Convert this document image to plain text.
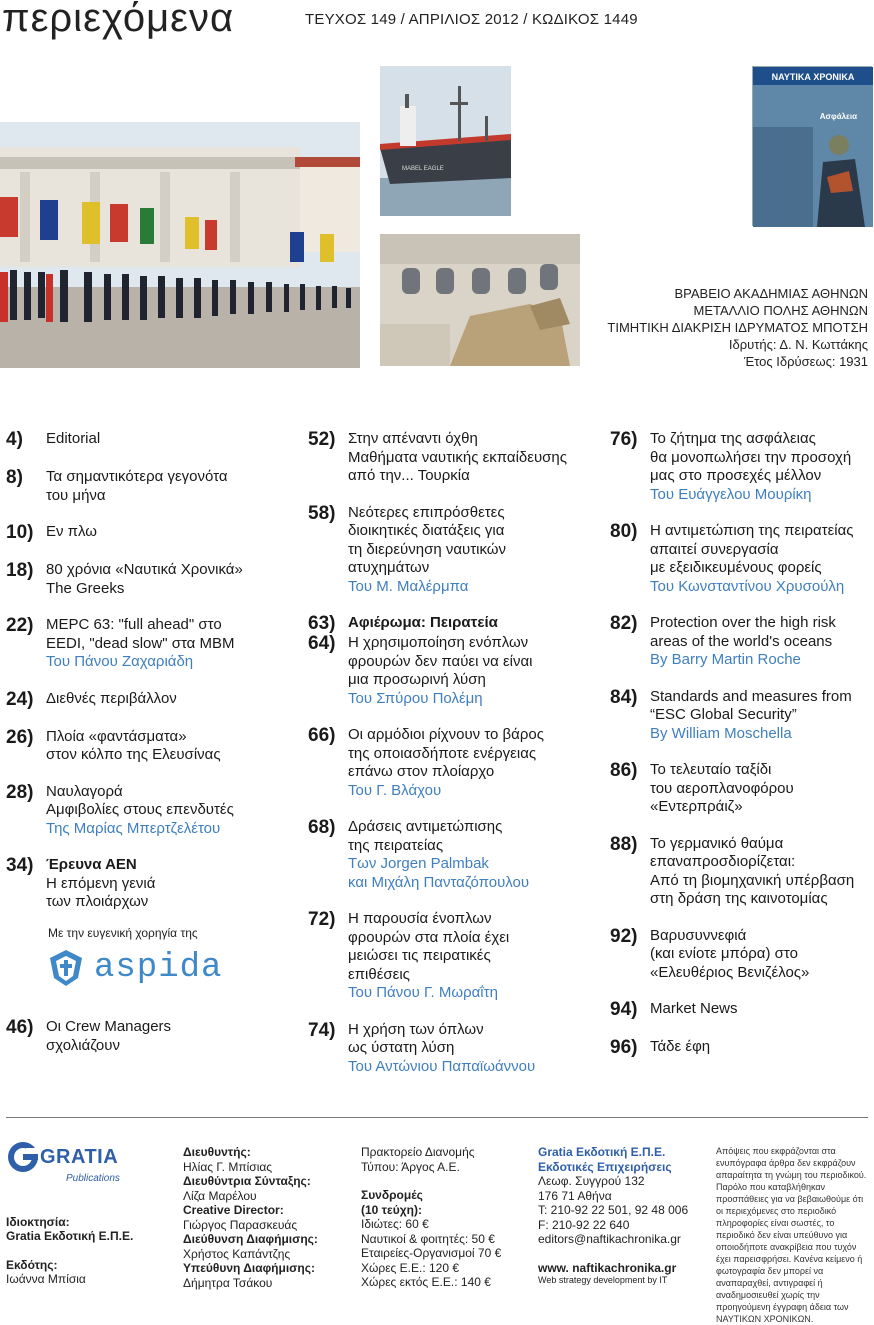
περιεχόμενα	ΤΕΥΧΟΣ 149 / ΑΠΡΙΛΙΟΣ 2012 / ΚΩΔΙΚΟΣ 1449
MABEL EAGLE
ΝΑΥΤΙΚΑ ΧΡΟΝΙΚΑ
Ασφάλεια
ΒΡΑΒΕΙΟ ΑΚΑΔΗΜΙΑΣ ΑΘΗΝΩΝ
ΜΕΤΑΛΛΙΟ ΠΟΛΗΣ ΑΘΗΝΩΝ
ΤΙΜΗΤΙΚΗ ΔΙΑΚΡΙΣΗ ΙΔΡΥΜΑΤΟΣ ΜΠΟΤΣΗ
Ιδρυτής: Δ. Ν. Κωττάκης
Έτος Ιδρύσεως: 1931
4)	Editorial
8)	Τα σημαντικότερα γεγονότα
του μήνα
10) Εν πλω
18) 80 χρόνια «Ναυτικά Χρονικά»
The Greeks
22) MEPC 63: "full ahead" στο
EEDI, "dead slow" στα MBM
Του Πάνου Ζαχαριάδη
24) Διεθνές περιβάλλον
26) Πλοία «φαντάσματα»
στον κόλπο της Ελευσίνας
28) Ναυλαγορά
Αμφιβολίες στους επενδυτές
Της Μαρίας Μπερτζελέτου
34) Έρευνα ΑΕΝ
Η επόμενη γενιά
των πλοιάρχων
Με την ευγενική χορηγία της
aspida
46) Οι Crew Managers
σχολιάζουν
52) Στην απέναντι όχθη
Μαθήματα ναυτικής εκπαίδευσης
από την... Τουρκία
58) Νεότερες επιπρόσθετες
διοικητικές διατάξεις για
τη διερεύνηση ναυτικών
ατυχημάτων
Του Μ. Μαλέρμπα
63) Αφιέρωμα: Πειρατεία
64) Η χρησιμοποίηση ενόπλων
φρουρών δεν παύει να είναι
μια προσωρινή λύση
Του Σπύρου Πολέμη
66) Οι αρμόδιοι ρίχνουν το βάρος
της οποιασδήποτε ενέργειας
επάνω στον πλοίαρχο
Του Γ. Βλάχου
68) Δράσεις αντιμετώπισης
της πειρατείας
Των Jorgen Palmbak
και Μιχάλη Πανταζόπουλου
72) Η παρουσία ένοπλων
φρουρών στα πλοία έχει
μειώσει τις πειρατικές
επιθέσεις
Του Πάνου Γ. Μωραΐτη
74) Η χρήση των όπλων
ως ύστατη λύση
Του Αντώνιου Παπαϊωάννου
76) Το ζήτημα της ασφάλειας
θα μονοπωλήσει την προσοχή
μας στο προσεχές μέλλον
Του Ευάγγελου Μουρίκη
80) Η αντιμετώπιση της πειρατείας
απαιτεί συνεργασία
με εξειδικευμένους φορείς
Του Κωνσταντίνου Χρυσούλη
82) Protection over the high risk
areas of the world's oceans
By Barry Martin Roche
84) Standards and measures from
“ESC Global Security”
By William Moschella
86) Το τελευταίο ταξίδι
του αεροπλανοφόρου
«Εντερπράιζ»
88) Το γερμανικό θαύμα
επαναπροσδιορίζεται:
Από τη βιομηχανική υπέρβαση
στη δράση της καινοτομίας
92) Βαρυσυννεφιά
(και ενίοτε μπόρα) στο
«Ελευθέριος Βενιζέλος»
94) Market News
96) Τάδε έφη
GRATIA
Publications
Ιδιοκτησία:
Gratia Εκδοτική Ε.Π.Ε.
Εκδότης:
Ιωάννα Μπίσια
Διευθυντής:
Ηλίας Γ. Μπίσιας
Διευθύντρια Σύνταξης:
Λίζα Μαρέλου
Creative Director:
Γιώργος Παρασκευάς
Διεύθυνση Διαφήμισης:
Χρήστος Καπάντζης
Υπεύθυνη Διαφήμισης:
Δήμητρα Τσάκου
Πρακτορείο Διανομής
Τύπου: Άργος Α.Ε.
Συνδρομές
(10 τεύχη):
Ιδιώτες: 60 €
Ναυτικοί & φοιτητές: 50 €
Εταιρείες-Οργανισμοί 70 €
Χώρες Ε.Ε.: 120 €
Χώρες εκτός Ε.Ε.: 140 €
Gratia Εκδοτική Ε.Π.Ε.
Εκδοτικές Επιχειρήσεις
Λεωφ. Συγγρού 132
176 71 Αθήνα
T: 210-92 22 501, 92 48 006
F: 210-92 22 640
editors@naftikachronika.gr
www. naftikachronika.gr
Web strategy development by IT
Απόψεις που εκφράζονται στα ενυπόγραφα άρθρα δεν εκφράζουν απαραίτητα τη γνώμη του περιοδικού. Παρόλο που καταβλήθηκαν προσπάθειες για να βεβαιωθούμε ότι οι περιεχόμενες στο περιοδικό πληροφορίες είναι σωστές, το περιοδικό δεν είναι υπεύθυνο για οποιοδήποτε ανακρίβεια που τυχόν έχει παρεισφρήσει. Κανένα κείμενο ή φωτογραφία δεν μπορεί να αναπαραχθεί, αντιγραφεί ή αναδημοσιευθεί χωρίς την προηγούμενη έγγραφη άδεια των ΝΑΥΤΙΚΩΝ ΧΡΟΝΙΚΩΝ.
